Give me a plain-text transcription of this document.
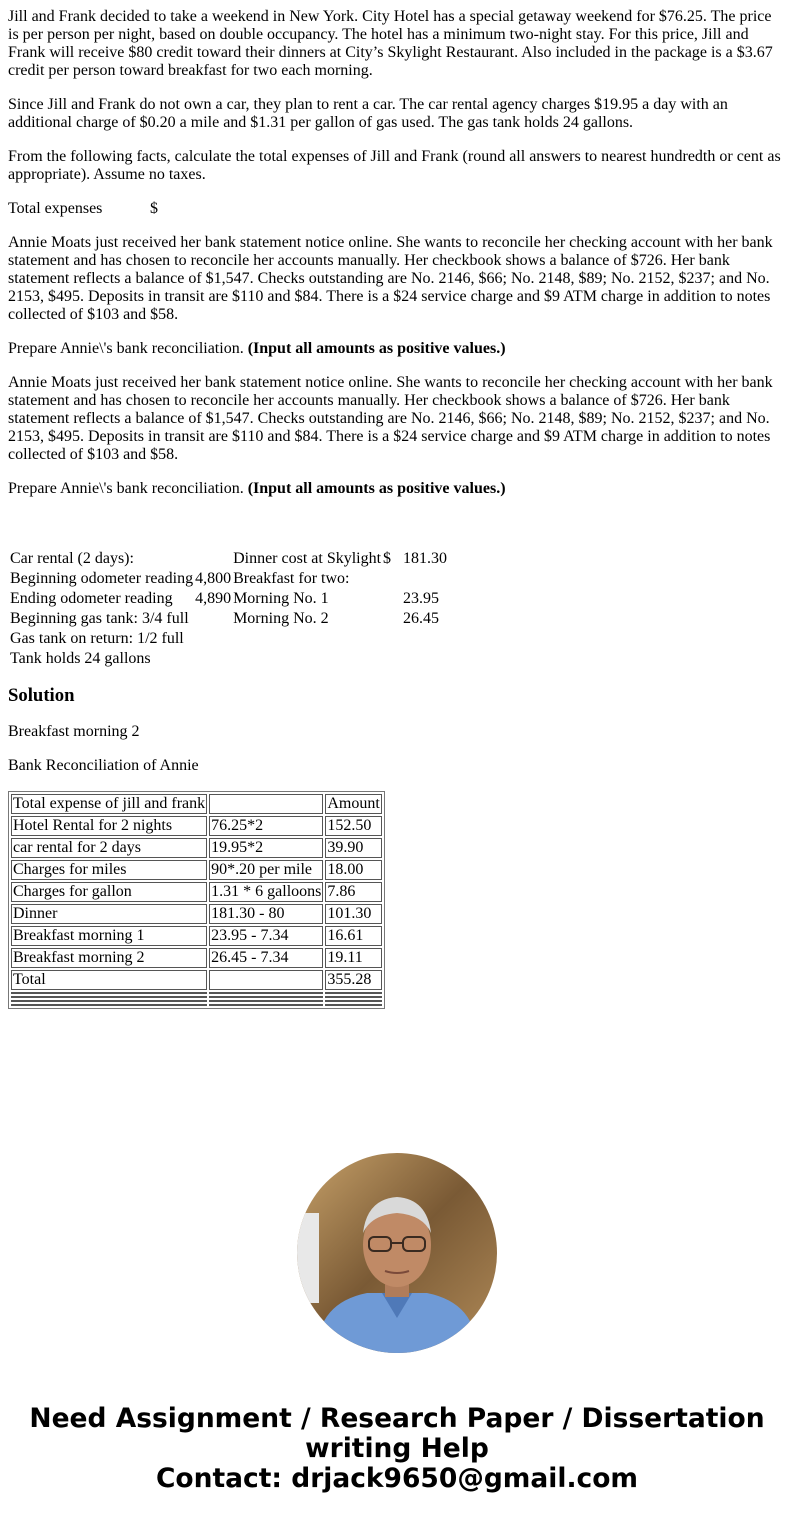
Jill and Frank decided to take a weekend in New York. City Hotel has a special getaway weekend for $76.25. The price is per person per night, based on double occupancy. The hotel has a minimum two-night stay. For this price, Jill and Frank will receive $80 credit toward their dinners at City’s Skylight Restaurant. Also included in the package is a $3.67 credit per person toward breakfast for two each morning.

Since Jill and Frank do not own a car, they plan to rent a car. The car rental agency charges $19.95 a day with an additional charge of $0.20 a mile and $1.31 per gallon of gas used. The gas tank holds 24 gallons.

From the following facts, calculate the total expenses of Jill and Frank (round all answers to nearest hundredth or cent as appropriate). Assume no taxes.

Total expenses	$

Annie Moats just received her bank statement notice online. She wants to reconcile her checking account with her bank statement and has chosen to reconcile her accounts manually. Her checkbook shows a balance of $726. Her bank statement reflects a balance of $1,547. Checks outstanding are No. 2146, $66; No. 2148, $89; No. 2152, $237; and No. 2153, $495. Deposits in transit are $110 and $84. There is a $24 service charge and $9 ATM charge in addition to notes collected of $103 and $58.

Prepare Annie\'s bank reconciliation. (Input all amounts as positive values.)

Annie Moats just received her bank statement notice online. She wants to reconcile her checking account with her bank statement and has chosen to reconcile her accounts manually. Her checkbook shows a balance of $726. Her bank statement reflects a balance of $1,547. Checks outstanding are No. 2146, $66; No. 2148, $89; No. 2152, $237; and No. 2153, $495. Deposits in transit are $110 and $84. There is a $24 service charge and $9 ATM charge in addition to notes collected of $103 and $58.

Prepare Annie\'s bank reconciliation. (Input all amounts as positive values.)

Car rental (2 days):		Dinner cost at Skylight	$	181.30
Beginning odometer reading	4,800	Breakfast for two:		
Ending odometer reading	4,890	Morning No. 1		23.95
Beginning gas tank: 3/4 full		Morning No. 2		26.45
Gas tank on return: 1/2 full				
Tank holds 24 gallons				
Solution

Breakfast morning 2

Bank Reconciliation of Annie

Total expense of jill and frank		Amount
Hotel Rental for 2 nights	76.25*2	152.50
car rental for 2 days	19.95*2	39.90
Charges for miles	90*.20 per mile	18.00
Charges for gallon	1.31 * 6 galloons	7.86
Dinner	181.30 - 80	101.30
Breakfast morning 1	23.95 - 7.34	16.61
Breakfast morning 2	26.45 - 7.34	19.11
Total		355.28

Need Assignment / Research Paper / Dissertation
writing Help
Contact: drjack9650@gmail.com
